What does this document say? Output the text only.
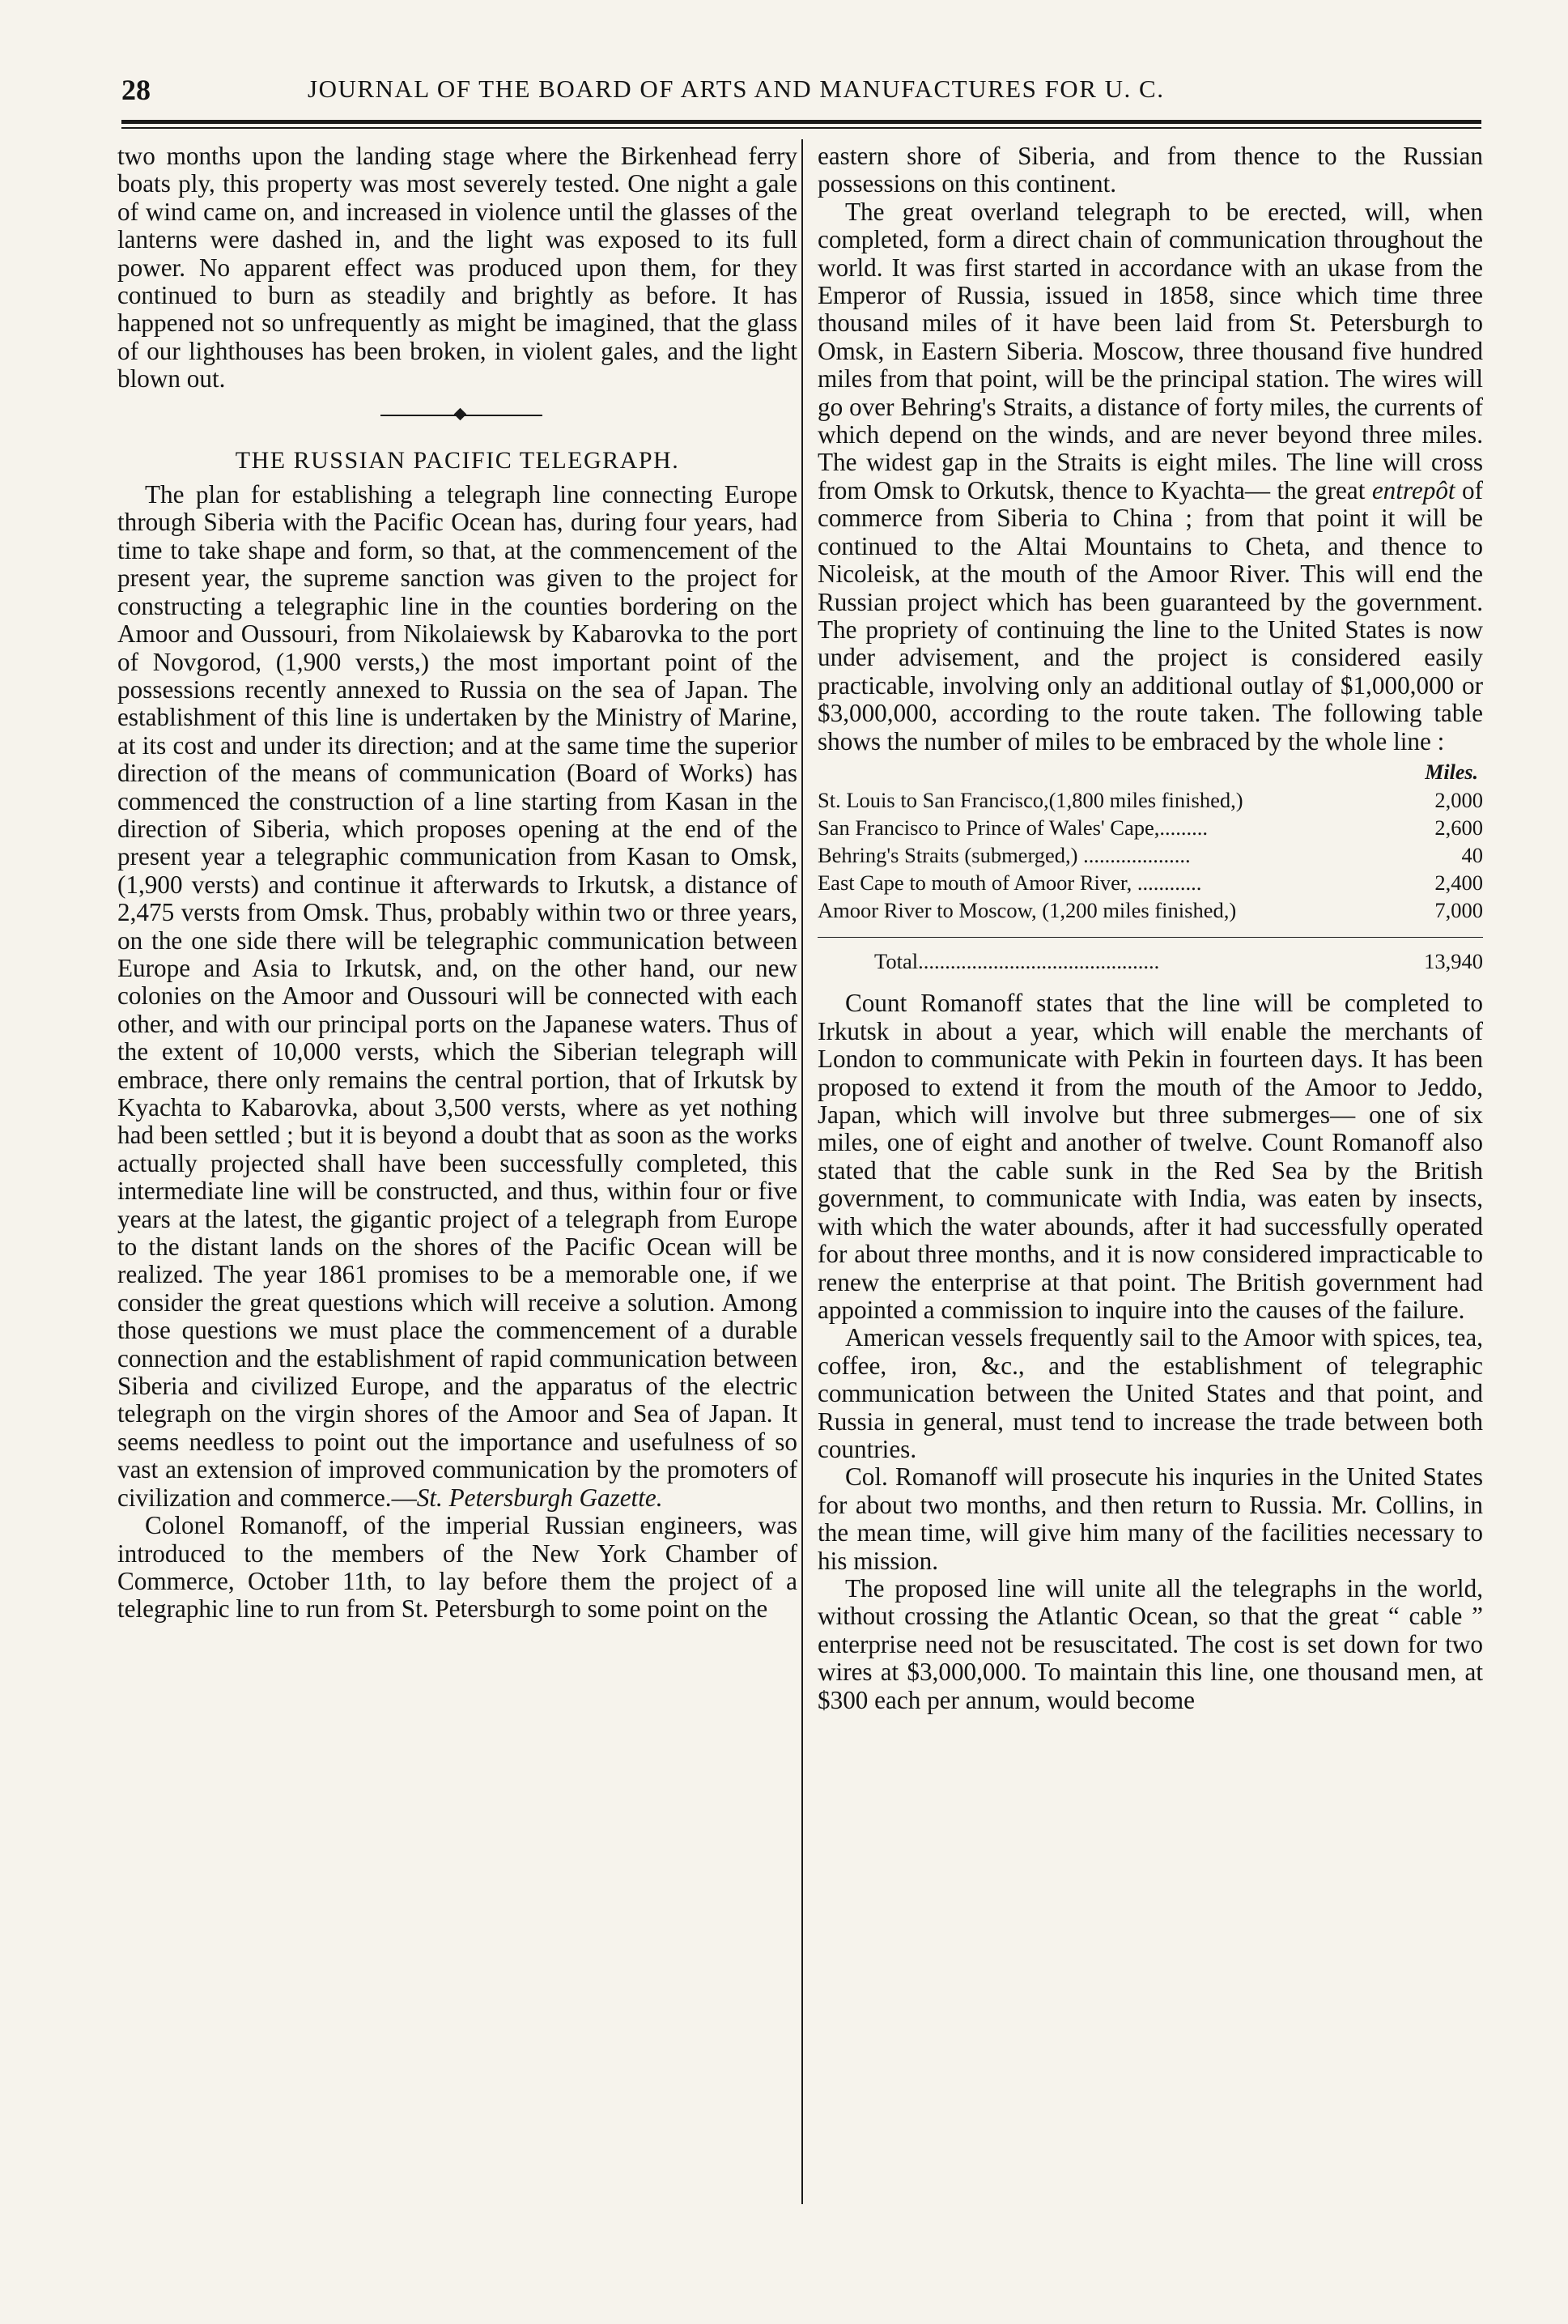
28	JOURNAL OF THE BOARD OF ARTS AND MANUFACTURES FOR U. C.

two months upon the landing stage where the Birkenhead ferry boats ply, this property was most severely tested. One night a gale of wind came on, and increased in violence until the glasses of the lanterns were dashed in, and the light was exposed to its full power. No apparent effect was produced upon them, for they continued to burn as steadily and brightly as before. It has happened not so unfrequently as might be imagined, that the glass of our lighthouses has been broken, in violent gales, and the light blown out.

THE RUSSIAN PACIFIC TELEGRAPH.

The plan for establishing a telegraph line connecting Europe through Siberia with the Pacific Ocean has, during four years, had time to take shape and form, so that, at the commencement of the present year, the supreme sanction was given to the project for constructing a telegraphic line in the counties bordering on the Amoor and Oussouri, from Nikolaiewsk by Kabarovka to the port of Novgorod, (1,900 versts,) the most important point of the possessions recently annexed to Russia on the sea of Japan. The establishment of this line is undertaken by the Ministry of Marine, at its cost and under its direction; and at the same time the superior direction of the means of communication (Board of Works) has commenced the construction of a line starting from Kasan in the direction of Siberia, which proposes opening at the end of the present year a telegraphic communication from Kasan to Omsk, (1,900 versts) and continue it afterwards to Irkutsk, a distance of 2,475 versts from Omsk. Thus, probably within two or three years, on the one side there will be telegraphic communication between Europe and Asia to Irkutsk, and, on the other hand, our new colonies on the Amoor and Oussouri will be connected with each other, and with our principal ports on the Japanese waters. Thus of the extent of 10,000 versts, which the Siberian telegraph will embrace, there only remains the central portion, that of Irkutsk by Kyachta to Kabarovka, about 3,500 versts, where as yet nothing had been settled ; but it is beyond a doubt that as soon as the works actually projected shall have been successfully completed, this intermediate line will be constructed, and thus, within four or five years at the latest, the gigantic project of a telegraph from Europe to the distant lands on the shores of the Pacific Ocean will be realized. The year 1861 promises to be a memorable one, if we consider the great questions which will receive a solution. Among those questions we must place the commencement of a durable connection and the establishment of rapid communication between Siberia and civilized Europe, and the apparatus of the electric telegraph on the virgin shores of the Amoor and Sea of Japan. It seems needless to point out the importance and usefulness of so vast an extension of improved communication by the promoters of civilization and commerce.—St. Petersburgh Gazette.

Colonel Romanoff, of the imperial Russian engineers, was introduced to the members of the New York Chamber of Commerce, October 11th, to lay before them the project of a telegraphic line to run from St. Petersburgh to some point on the

eastern shore of Siberia, and from thence to the Russian possessions on this continent.

The great overland telegraph to be erected, will, when completed, form a direct chain of communication throughout the world. It was first started in accordance with an ukase from the Emperor of Russia, issued in 1858, since which time three thousand miles of it have been laid from St. Petersburgh to Omsk, in Eastern Siberia. Moscow, three thousand five hundred miles from that point, will be the principal station. The wires will go over Behring's Straits, a distance of forty miles, the currents of which depend on the winds, and are never beyond three miles. The widest gap in the Straits is eight miles. The line will cross from Omsk to Orkutsk, thence to Kyachta— the great entrepôt of commerce from Siberia to China ; from that point it will be continued to the Altai Mountains to Cheta, and thence to Nicoleisk, at the mouth of the Amoor River. This will end the Russian project which has been guaranteed by the government. The propriety of continuing the line to the United States is now under advisement, and the project is considered easily practicable, involving only an additional outlay of $1,000,000 or $3,000,000, according to the route taken. The following table shows the number of miles to be embraced by the whole line :

Miles.
St. Louis to San Francisco,(1,800 miles finished,)	2,000
San Francisco to Prince of Wales' Cape,.........	2,600
Behring's Straits (submerged,) ....................	40
East Cape to mouth of Amoor River, ............	2,400
Amoor River to Moscow, (1,200 miles finished,)	7,000
Total.............................................	13,940

Count Romanoff states that the line will be completed to Irkutsk in about a year, which will enable the merchants of London to communicate with Pekin in fourteen days. It has been proposed to extend it from the mouth of the Amoor to Jeddo, Japan, which will involve but three submerges— one of six miles, one of eight and another of twelve. Count Romanoff also stated that the cable sunk in the Red Sea by the British government, to communicate with India, was eaten by insects, with which the water abounds, after it had successfully operated for about three months, and it is now considered impracticable to renew the enterprise at that point. The British government had appointed a commission to inquire into the causes of the failure.

American vessels frequently sail to the Amoor with spices, tea, coffee, iron, &c., and the establishment of telegraphic communication between the United States and that point, and Russia in general, must tend to increase the trade between both countries.

Col. Romanoff will prosecute his inquries in the United States for about two months, and then return to Russia. Mr. Collins, in the mean time, will give him many of the facilities necessary to his mission.

The proposed line will unite all the telegraphs in the world, without crossing the Atlantic Ocean, so that the great “ cable ” enterprise need not be resuscitated. The cost is set down for two wires at $3,000,000. To maintain this line, one thousand men, at $300 each per annum, would become
